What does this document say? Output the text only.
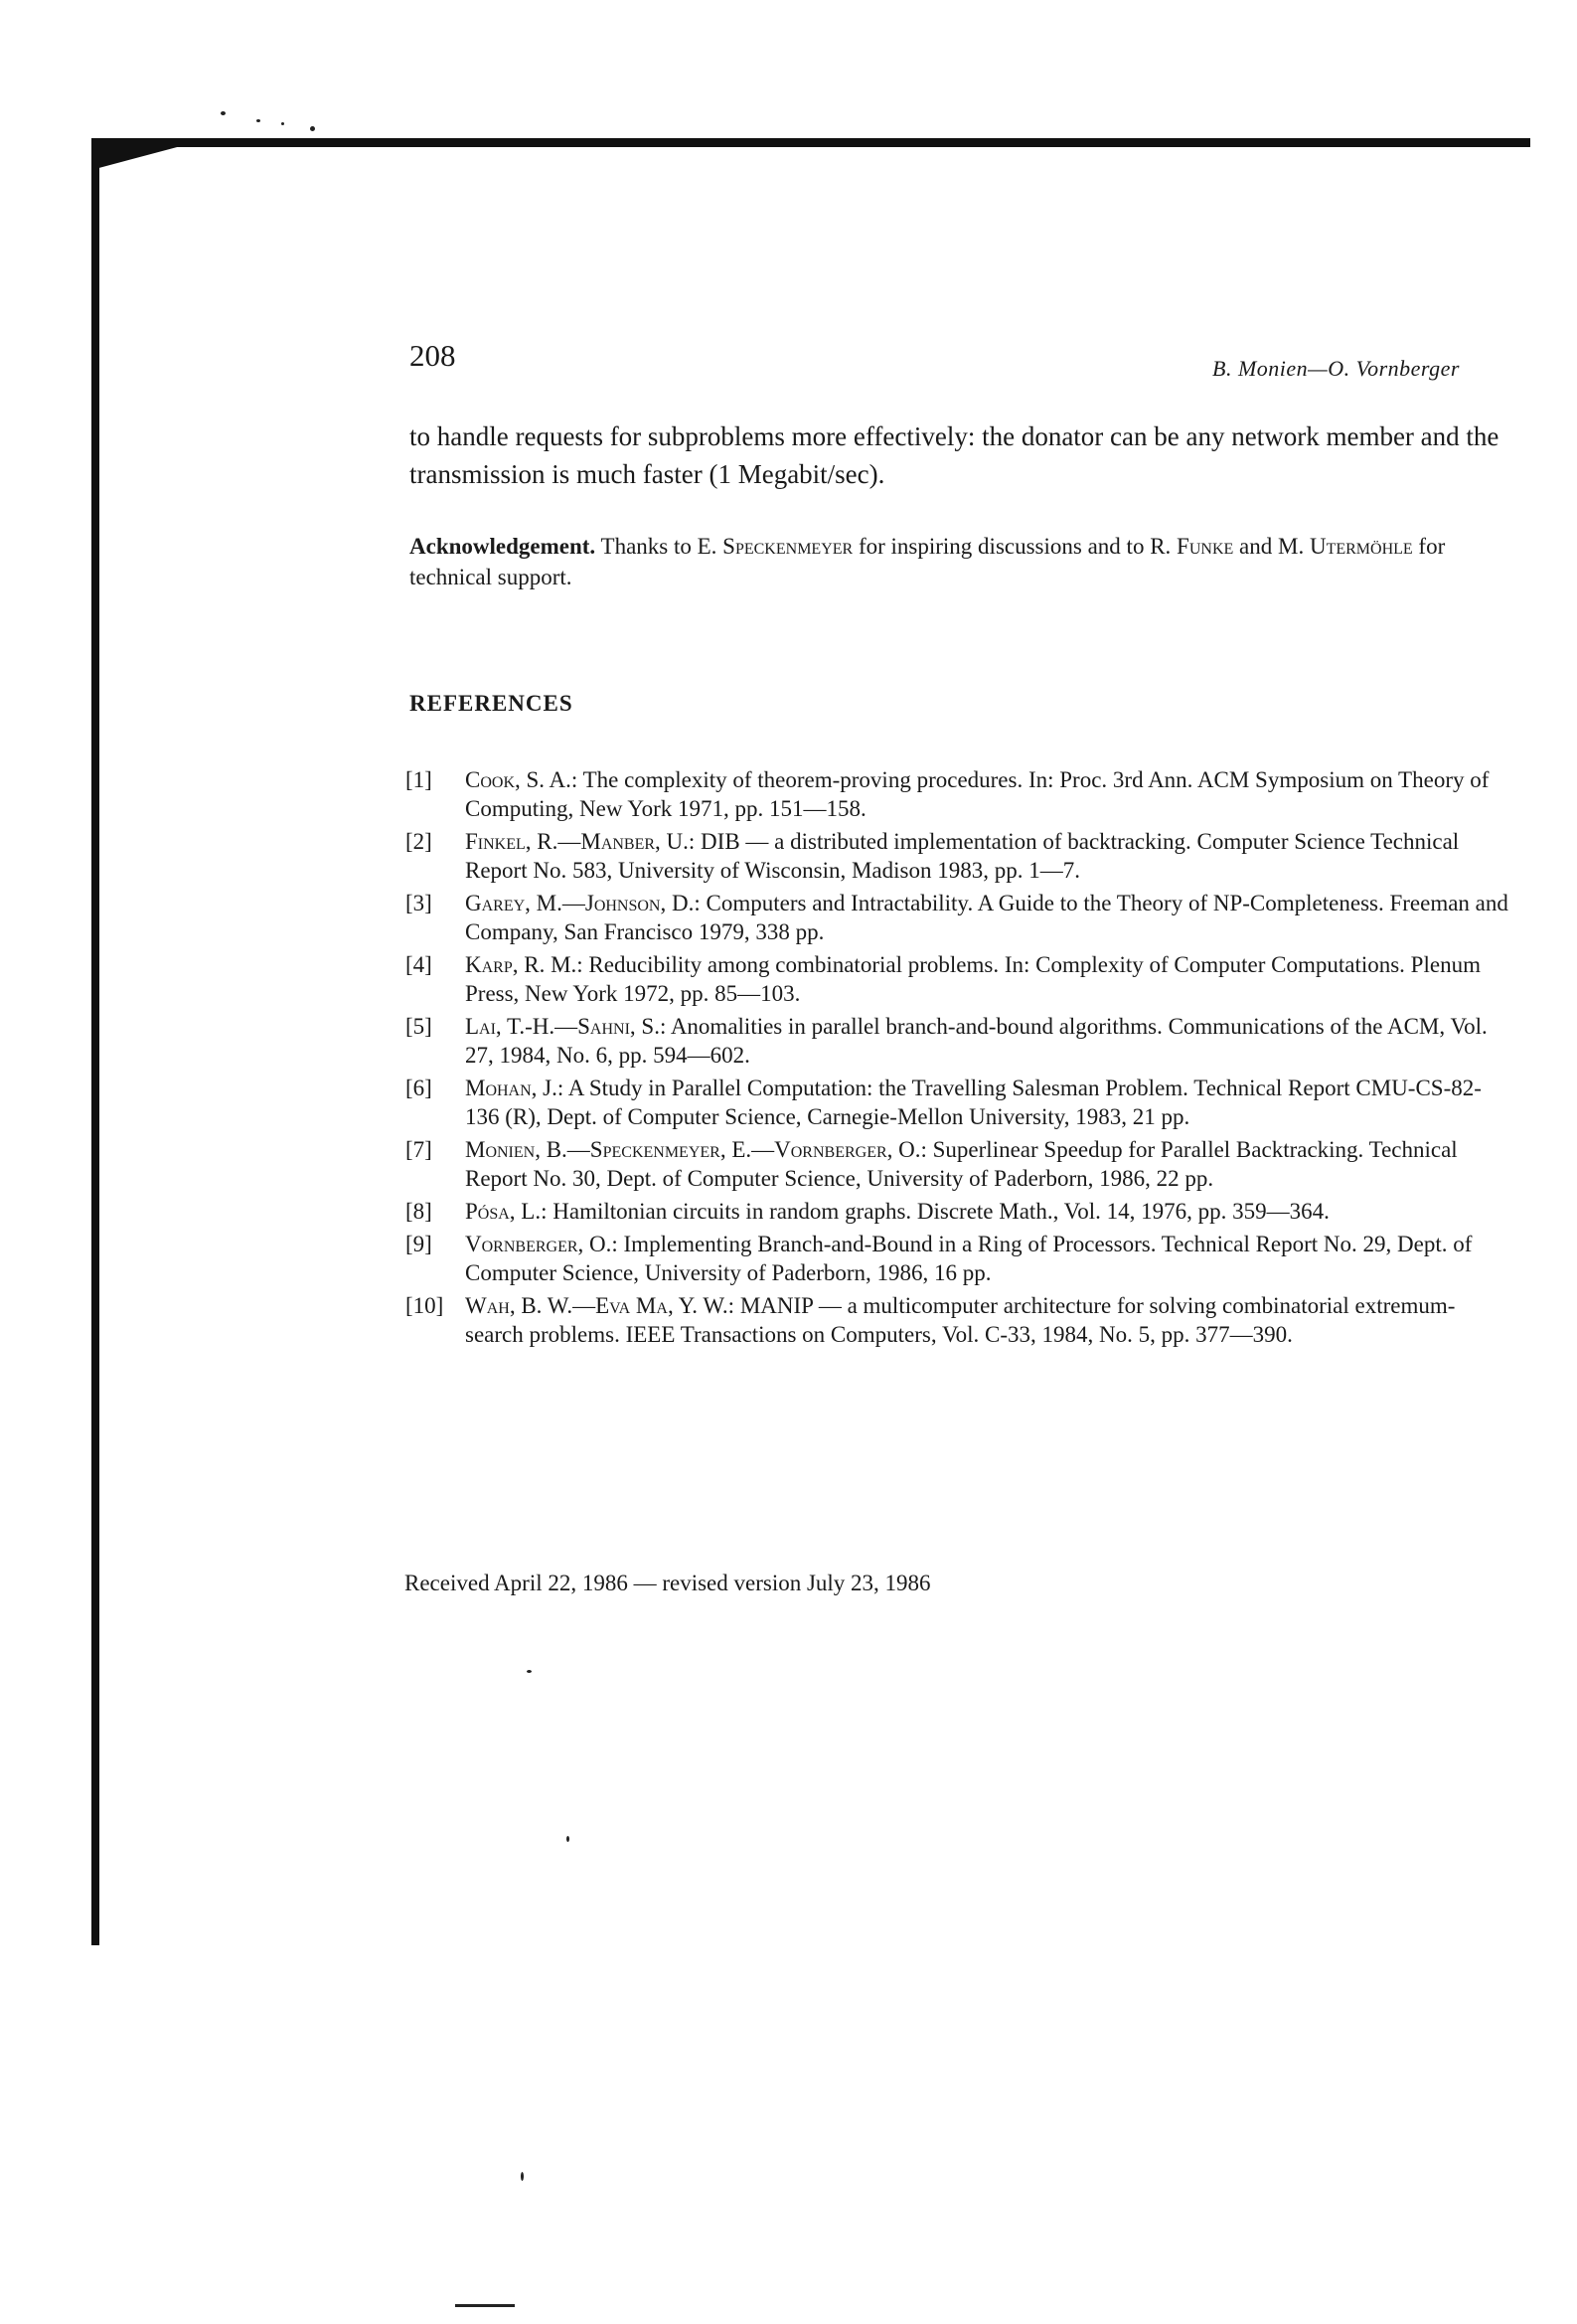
208	B. Monien—O. Vornberger

to handle requests for subproblems more effectively: the donator can be any network member and the transmission is much faster (1 Megabit/sec).

Acknowledgement. Thanks to E. Speckenmeyer for inspiring discussions and to R. Funke and M. Utermöhle for technical support.

REFERENCES
[1] Cook, S. A.: The complexity of theorem-proving procedures. In: Proc. 3rd Ann. ACM Symposium on Theory of Computing, New York 1971, pp. 151—158.
[2] Finkel, R.—Manber, U.: DIB — a distributed implementation of backtracking. Computer Science Technical Report No. 583, University of Wisconsin, Madison 1983, pp. 1—7.
[3] Garey, M.—Johnson, D.: Computers and Intractability. A Guide to the Theory of NP-Completeness. Freeman and Company, San Francisco 1979, 338 pp.
[4] Karp, R. M.: Reducibility among combinatorial problems. In: Complexity of Computer Computations. Plenum Press, New York 1972, pp. 85—103.
[5] Lai, T.-H.—Sahni, S.: Anomalities in parallel branch-and-bound algorithms. Communications of the ACM, Vol. 27, 1984, No. 6, pp. 594—602.
[6] Mohan, J.: A Study in Parallel Computation: the Travelling Salesman Problem. Technical Report CMU-CS-82-136 (R), Dept. of Computer Science, Carnegie-Mellon University, 1983, 21 pp.
[7] Monien, B.—Speckenmeyer, E.—Vornberger, O.: Superlinear Speedup for Parallel Backtracking. Technical Report No. 30, Dept. of Computer Science, University of Paderborn, 1986, 22 pp.
[8] Pósa, L.: Hamiltonian circuits in random graphs. Discrete Math., Vol. 14, 1976, pp. 359—364.
[9] Vornberger, O.: Implementing Branch-and-Bound in a Ring of Processors. Technical Report No. 29, Dept. of Computer Science, University of Paderborn, 1986, 16 pp.
[10] Wah, B. W.—Eva Ma, Y. W.: MANIP — a multicomputer architecture for solving combinatorial extremum-search problems. IEEE Transactions on Computers, Vol. C-33, 1984, No. 5, pp. 377—390.
Received April 22, 1986 — revised version July 23, 1986
